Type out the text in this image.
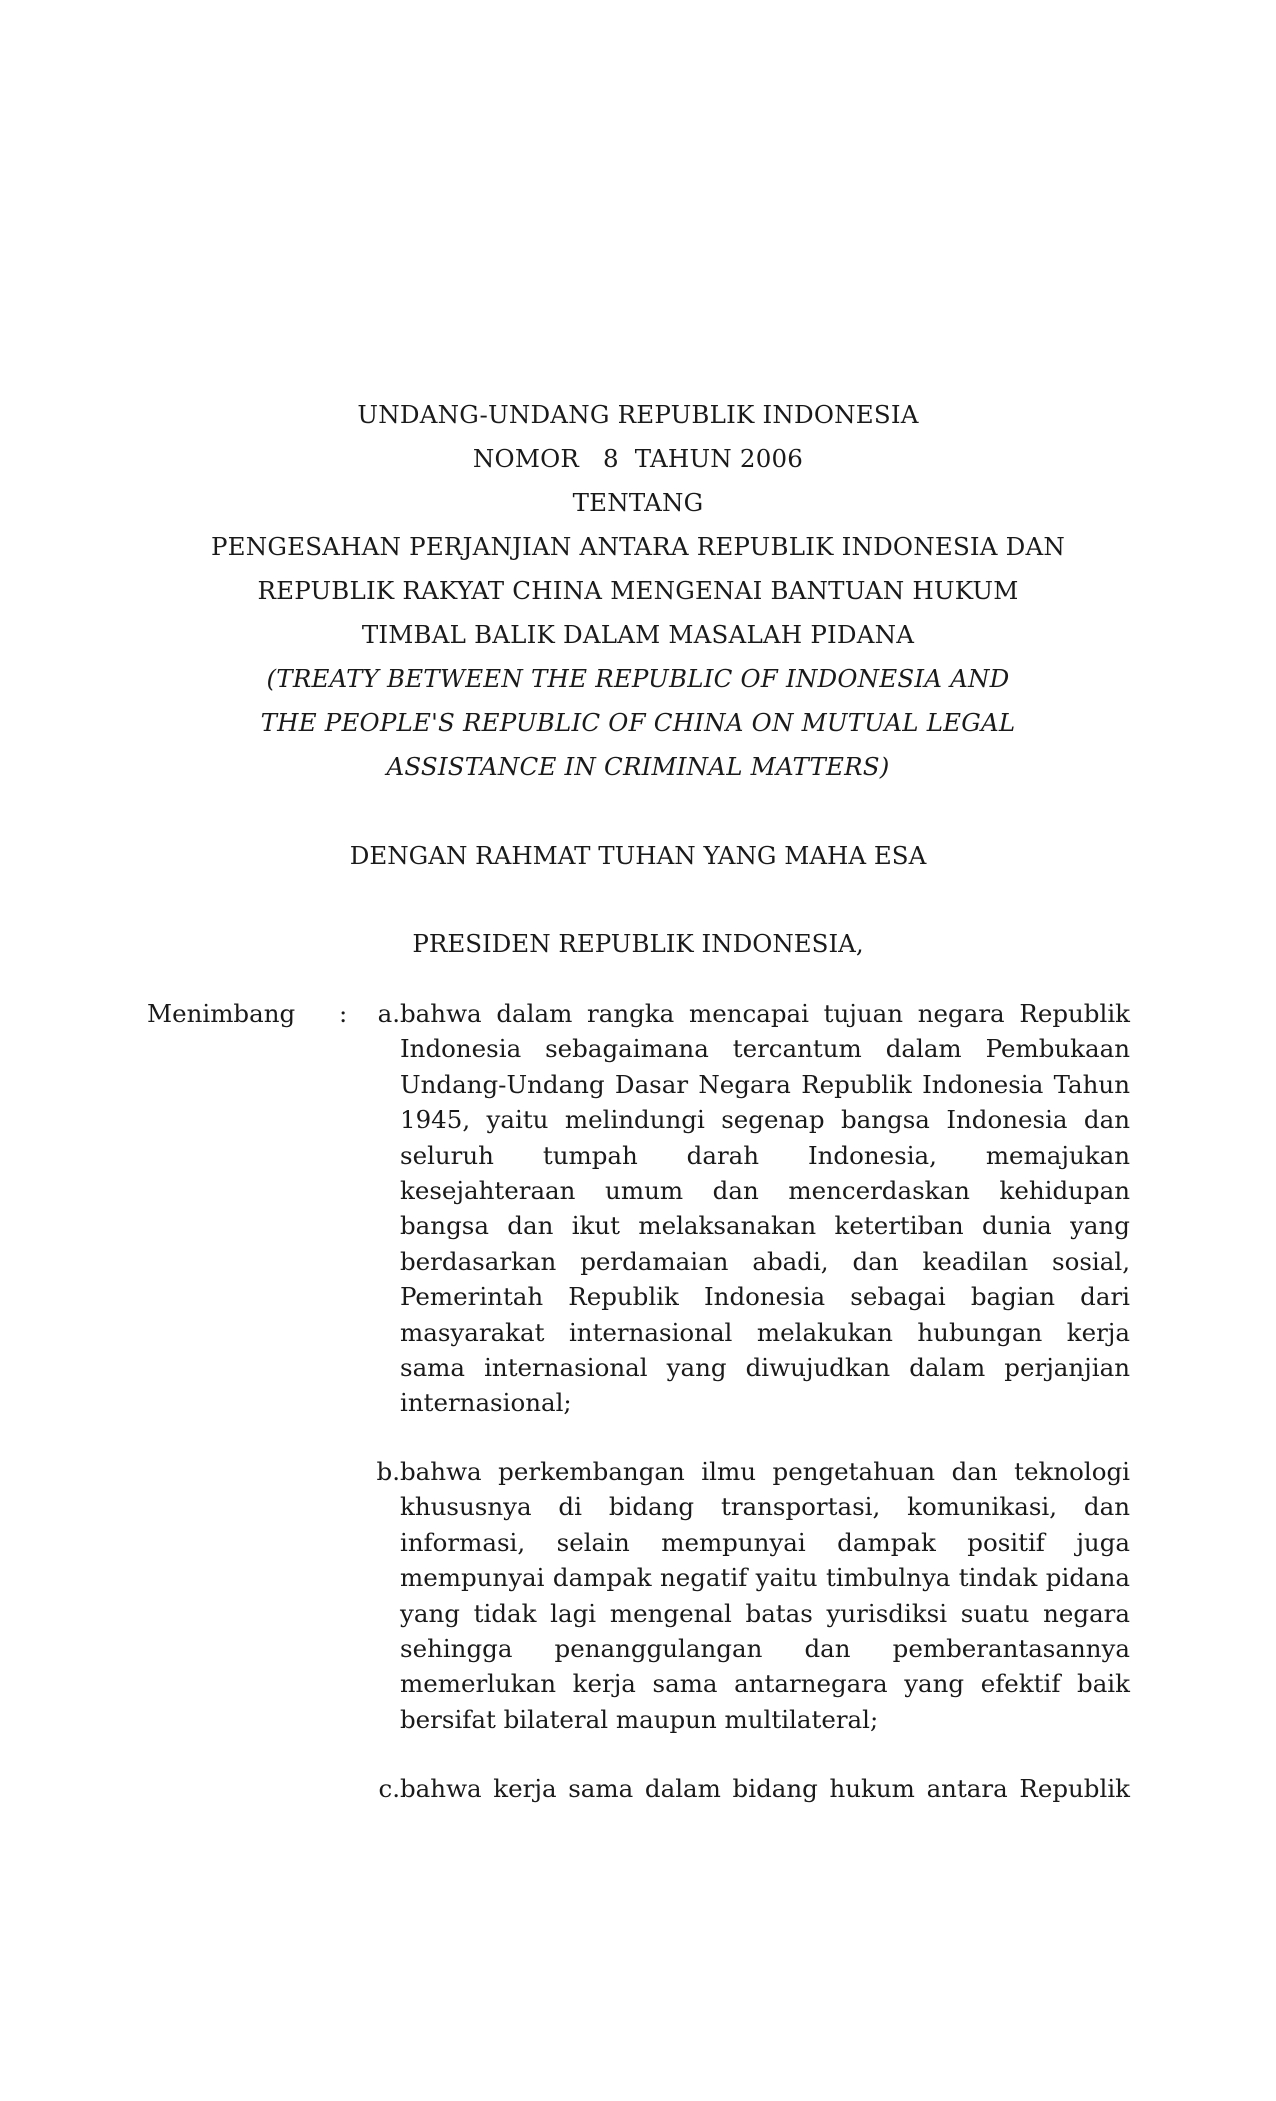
UNDANG-UNDANG REPUBLIK INDONESIA
NOMOR   8  TAHUN 2006
TENTANG
PENGESAHAN PERJANJIAN ANTARA REPUBLIK INDONESIA DAN
REPUBLIK RAKYAT CHINA MENGENAI BANTUAN HUKUM
TIMBAL BALIK DALAM MASALAH PIDANA
(TREATY BETWEEN THE REPUBLIC OF INDONESIA AND
THE PEOPLE'S REPUBLIC OF CHINA ON MUTUAL LEGAL
ASSISTANCE IN CRIMINAL MATTERS)
DENGAN RAHMAT TUHAN YANG MAHA ESA
PRESIDEN REPUBLIK INDONESIA,
Menimbang :	a. bahwa dalam rangka mencapai tujuan negara Republik Indonesia sebagaimana tercantum dalam Pembukaan Undang-Undang Dasar Negara Republik Indonesia Tahun 1945, yaitu melindungi segenap bangsa Indonesia dan seluruh tumpah darah Indonesia, memajukan kesejahteraan umum dan mencerdaskan kehidupan bangsa dan ikut melaksanakan ketertiban dunia yang berdasarkan perdamaian abadi, dan keadilan sosial, Pemerintah Republik Indonesia sebagai bagian dari masyarakat internasional melakukan hubungan kerja sama internasional yang diwujudkan dalam perjanjian internasional;
b. bahwa perkembangan ilmu pengetahuan dan teknologi khususnya di bidang transportasi, komunikasi, dan informasi, selain mempunyai dampak positif juga mempunyai dampak negatif yaitu timbulnya tindak pidana yang tidak lagi mengenal batas yurisdiksi suatu negara sehingga penanggulangan dan pemberantasannya memerlukan kerja sama antarnegara yang efektif baik bersifat bilateral maupun multilateral;
c. bahwa kerja sama dalam bidang hukum antara Republik
